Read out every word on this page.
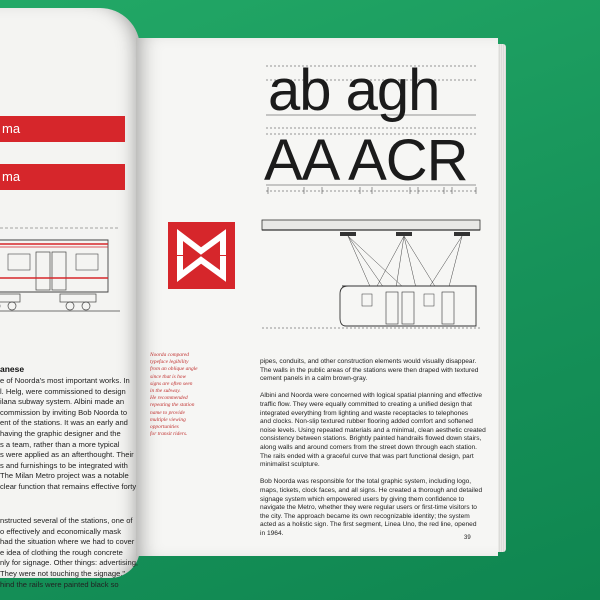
ma
ma
anese
e of Noorda's most important works. In
l. Helg, were commissioned to design
ilana subway system. Albini made an
commission by inviting Bob Noorda to
ent of the stations. It was an early and
having the graphic designer and the
s a team, rather than a more typical
s were applied as an afterthought. Their
s and furnishings to be integrated with
The Milan Metro project was a notable
clear function that remains effective forty
nstructed several of the stations, one of
o effectively and economically mask
had the situation where we had to cover
e idea of clothing the rough concrete
nly for signage. Other things: advertising,
They were not touching the signage."
hind the rails were painted black so
ab agh
AA ACR
Noorda compared
typeface legibility
from an oblique angle
since that is how
signs are often seen
in the subway.
He recommended
repeating the station
name to provide
multiple viewing
opportunities
for transit riders.
pipes, conduits, and other construction elements would visually disappear.
The walls in the public areas of the stations were then draped with textured
cement panels in a calm brown-gray.
Albini and Noorda were concerned with logical spatial planning and effective
traffic flow. They were equally committed to creating a unified design that
integrated everything from lighting and waste receptacles to telephones
and clocks. Non-slip textured rubber flooring added comfort and softened
noise levels. Using repeated materials and a minimal, clean aesthetic created
consistency between stations. Brightly painted handrails flowed down stairs,
along walls and around corners from the street down through each station.
The rails ended with a graceful curve that was part functional design, part
minimalist sculpture.
Bob Noorda was responsible for the total graphic system, including logo,
maps, tickets, clock faces, and all signs. He created a thorough and detailed
signage system which empowered users by giving them confidence to
navigate the Metro, whether they were regular users or first-time visitors to
the city. The approach became its own recognizable identity; the system
acted as a holistic sign. The first segment, Linea Uno, the red line, opened
in 1964.
39
